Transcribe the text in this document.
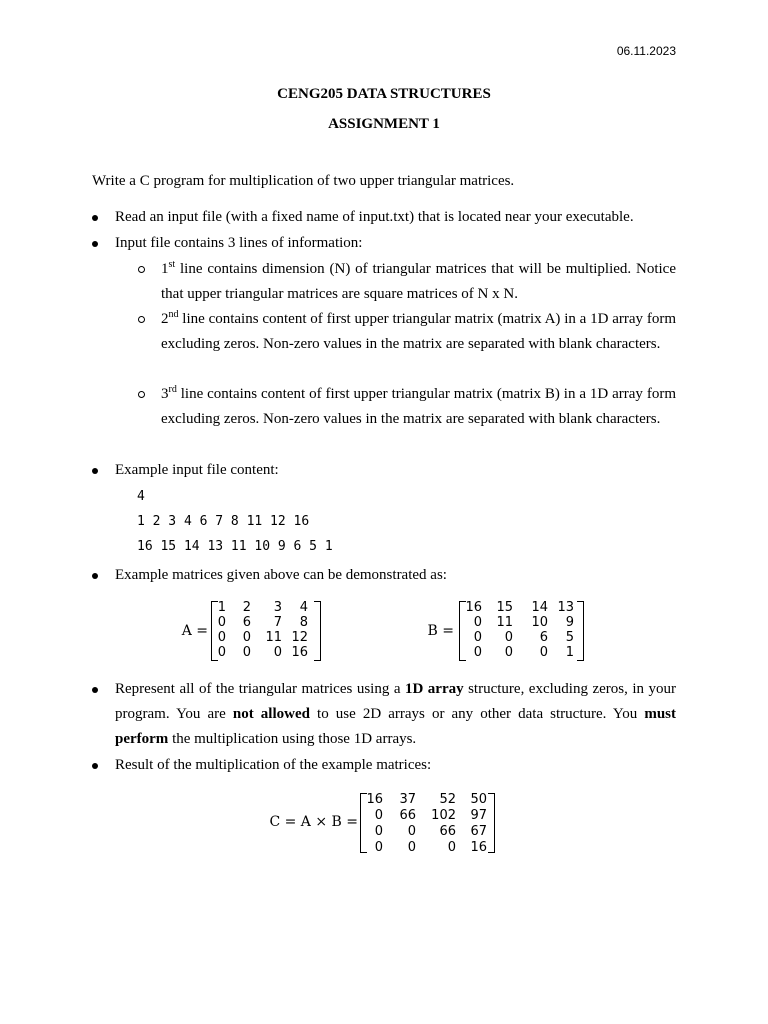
06.11.2023
CENG205 DATA STRUCTURES
ASSIGNMENT 1
Write a C program for multiplication of two upper triangular matrices.
Read an input file (with a fixed name of input.txt) that is located near your executable.
Input file contains 3 lines of information:
1st line contains dimension (N) of triangular matrices that will be multiplied. Notice that upper triangular matrices are square matrices of N x N.
2nd line contains content of first upper triangular matrix (matrix A) in a 1D array form excluding zeros. Non-zero values in the matrix are separated with blank characters.
3rd line contains content of first upper triangular matrix (matrix B) in a 1D array form excluding zeros. Non-zero values in the matrix are separated with blank characters.
Example input file content:
4
1 2 3 4 6 7 8 11 12 16
16 15 14 13 11 10 9 6 5 1
Example matrices given above can be demonstrated as:
A =
1	2	3	4
0	6	7	8
0	0	11 12
0	0	0 16
B =
16	15	14 13
0	11	10	9
0	0	6	5
0	0	0	1
Represent all of the triangular matrices using a 1D array structure, excluding zeros, in your program. You are not allowed to use 2D arrays or any other data structure. You must perform the multiplication using those 1D arrays.
Result of the multiplication of the example matrices:
C = A × B =
16	37	52	50
0	66	102	97
0	0	66	67
0	0	0	16
